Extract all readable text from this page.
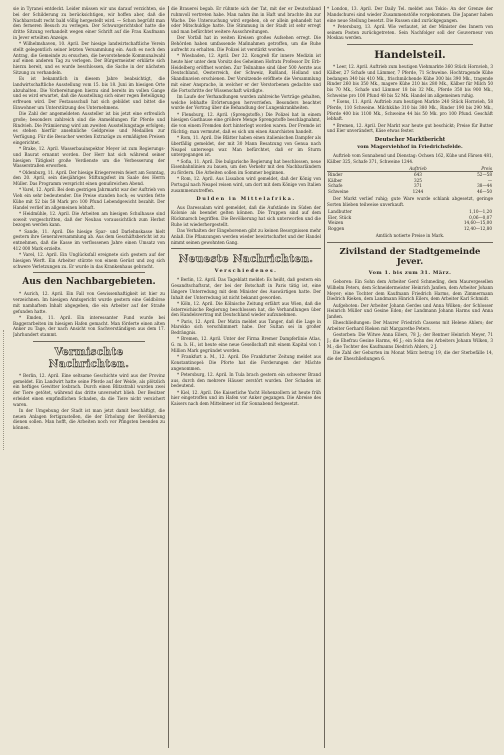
sie in Tyranei entdeckt. Leider müssen wir uns darauf verzichten, sie bei der Schilderung zu berücksichtigen, wir hoffen aber, daß die Nachbarstadt recht bald völlig hergestellt wird. — Schon begrüßt man den ferneren Besuch zu verlegen. Der Schwurgerichtshof hatte die dritte Sitzung verhandelt wegen einer Schrift auf die Frau Kaufmann in Jever erteilten Anzeige.

* Wilhelmshaven, 10. April. Der hiesige landwirtschaftliche Verein stellt gelegentlich seiner letzten Versammlung ein. Auch es noch den Antrag, die Gemeinde zu ersuchen, die bevorstehende Kommunalwahl auf einen anderen Tag zu verlegen. Der Bürgermeister erklärte sich hierzu bereit, und es wurde beschlossen, die Sache in der nächsten Sitzung zu verhandeln.

Es ist bekanntlich in diesem Jahre beabsichtigt, die landwirtschaftliche Ausstellung vom 15. bis 18. Juni im hiesigen Orte abzuhalten. Die Vorbereitungen hierzu sind bereits im vollen Gange und es wird erwartet, daß die Ausstellung sich einer regen Beteiligung erfreuen wird. Der Festausschuß hat sich gebildet und bittet die Einwohner um Unterstützung des Unternehmens.

Die Zahl der angemeldeten Aussteller ist bis jetzt eine erfreulich große; besonders zahlreich sind die Anmeldungen für Pferde und Rindvieh. Die Prämiierung wird am zweiten Ausstellungstage erfolgen; es stehen hierfür ansehnliche Geldpreise und Medaillen zur Verfügung. Für die Besucher werden Extrazüge zu ermäßigten Preisen eingerichtet.

* Brake, 12. April. Wasserbauinspektor Meyer ist zum Regierungs- und Baurat ernannt worden. Der Herr hat sich während seiner hiesigen Tätigkeit große Verdienste um die Verbesserung der Wasserstraßen erworben.

* Oldenburg, 11. April. Der hiesige Kriegerverein feiert am Sonntag, den 20. April, sein diesjähriges Stiftungsfest im Saale des Herrn Müller. Das Programm verspricht einen genußreichen Abend.

* Varel, 12. April. Bei dem gestrigen Jahrmarkt war der Auftrieb von Vieh ein sehr bedeutender. Die Preise standen hoch; es wurden fette Kühe mit 52 bis 58 Mark pro 100 Pfund Lebendgewicht bezahlt. Der Handel verlief im allgemeinen lebhaft.

* Heidmühle, 12. April. Die Arbeiten am hiesigen Schulhause sind soweit vorgeschritten, daß der Neubau voraussichtlich zum Herbst bezogen werden kann.

* Sande, 11. April. Die hiesige Spar- und Darlehnskasse hielt gestern ihre Generalversammlung ab. Aus dem Geschäftsbericht ist zu entnehmen, daß die Kasse im verflossenen Jahre einen Umsatz von 412 000 Mark erzielte.

* Varel, 12. April. Ein Unglücksfall ereignete sich gestern auf der hiesigen Werft. Ein Arbeiter stürzte von einem Gerüst und zog sich schwere Verletzungen zu. Er wurde in das Krankenhaus gebracht.

Aus den Nachbargebieten.

* Aurich, 12. April. Ein Fall von Gewissenhaftigkeit ist hier zu verzeichnen. Im hiesigen Amtsgericht wurde gestern eine Geldbörse mit namhaftem Inhalt abgegeben, die ein Arbeiter auf der Straße gefunden hatte.

* Emden, 11. April. Ein interessanter Fund wurde bei Baggerarbeiten im hiesigen Hafen gemacht. Man förderte einen alten Anker zu Tage, der nach Ansicht von Sachverständigen aus dem 17. Jahrhundert stammt.

Vermischte Nachrichten.

* Berlin, 12. April. Eine seltsame Geschichte wird aus der Provinz gemeldet. Ein Landwirt hatte seine Pferde auf der Weide, als plötzlich ein heftiges Gewitter losbrach. Durch einen Blitzstrahl wurden zwei der Tiere getötet, während das dritte unversehrt blieb. Der Besitzer erleidet einen empfindlichen Schaden, da die Tiere nicht versichert waren.

In der Umgebung der Stadt ist man jetzt damit beschäftigt, die neuen Anlagen fertigzustellen, die der Erholung der Bevölkerung dienen sollen. Man hofft, die Arbeiten noch vor Pfingsten beenden zu können.

die Brauerei begab. Er rühmte sich der Tat, mit der er Deutschland ruhmvoll vertreten habe. Man nahm ihn in Haft und brachte ihn zur Wache. Die Untersuchung wird ergeben, ob er allein gehandelt hat oder Mitschuldige hatte. Die Stimmung in der Stadt ist sehr erregt und man befürchtet weitere Ausschreitungen.

Der Vorfall hat in weiten Kreisen großes Aufsehen erregt. Die Behörden haben umfassende Maßnahmen getroffen, um die Ruhe aufrecht zu erhalten. Die Polizei ist verstärkt worden.

* Wiesbaden, 12. April. Der 22. Kongreß für innere Medizin ist heute hier unter dem Vorsitz des Geheimen Hofrats Professor Dr. Erb-Heidelberg eröffnet worden. Zur Teilnahme sind über 500 Aerzte aus Deutschland, Oesterreich, der Schweiz, Rußland, Holland und Skandinavien erschienen. Der Vorsitzende eröffnete die Versammlung mit einer Ansprache, in welcher er der Verstorbenen gedachte und die Fortschritte der Wissenschaft würdigte.

Im Laufe der Verhandlungen wurden zahlreiche Vorträge gehalten, welche lebhafte Erörterungen hervorriefen. Besonders beachtet wurde der Vortrag über die Behandlung der Lungenkrankheiten.

* Flensburg, 12. April. (Sprengstoffe.) Die Polizei hat in einem hiesigen Gasthause eine größere Menge Sprengstoffe beschlagnahmt, die von einem Fremden dort hinterlegt worden waren. Der Fremde ist flüchtig; man vermutet, daß es sich um einen Anarchisten handelt.

* Rom, 11. April. Die Blätter haben einen italienischen Dampfer als überfällig gemeldet, der mit 30 Mann Besatzung von Genua nach Neapel unterwegs war. Man befürchtet, daß er im Sturm untergegangen ist.

* Sofia, 11. April. Die bulgarische Regierung hat beschlossen, neue Eisenbahnlinien zu bauen, um den Verkehr mit den Nachbarländern zu fördern. Die Arbeiten sollen im Sommer beginnen.

* Rom, 12. April. Aus Lissabon wird gemeldet, daß der König von Portugal nach Neapel reisen wird, um dort mit dem Könige von Italien zusammenzutreffen.

Dulden in Mittelafrika.

Aus Daressalam wird gemeldet, daß die Aufstände im Süden der Kolonie als beendet gelten können. Die Truppen sind auf dem Rückmarsch begriffen. Die Bevölkerung hat sich unterworfen und die Ruhe ist wiederhergestellt.

Das Verhalten der Eingeborenen gibt zu keinen Besorgnissen mehr Anlaß. Die Pflanzungen werden wieder bewirtschaftet und der Handel nimmt seinen gewohnten Gang.

Neueste Nachrichten.
Verschiedenes.

* Berlin, 12. April. Das Tageblatt meldet: Es heißt, daß gestern ein Gesandtschaftsrat, der bei der Botschaft in Paris tätig ist, eine längere Unterredung mit dem Minister des Auswärtigen hatte. Der Inhalt der Unterredung ist nicht bekannt geworden.

* Köln, 12. April. Die Kölnische Zeitung erfährt aus Wien, daß die österreichische Regierung beschlossen hat, die Verhandlungen über den Handelsvertrag mit Deutschland wieder aufzunehmen.

* Paris, 12. April. Der Matin meldet aus Tanger, daß die Lage in Marokko sich verschlimmert habe. Der Sultan sei in großer Bedrängnis.

* Bremen, 12. April. Unter der Firma Bremer Dampferlinie Atlas, G. m. b. H., ist heute eine neue Gesellschaft mit einem Kapital von 1 Million Mark gegründet worden.

* Frankfurt a. M., 12. April. Die Frankfurter Zeitung meldet aus Konstantinopel: Die Pforte hat die Forderungen der Mächte angenommen.

* Petersburg, 12. April. In Tula brach gestern ein schwerer Brand aus, durch den mehrere Häuser zerstört wurden. Der Schaden ist bedeutend.

* Kiel, 12. April. Die Kaiserliche Yacht Hohenzollern ist heute früh hier eingetroffen und im Hafen vor Anker gegangen. Die Abreise des Kaisers nach dem Mittelmeer ist für Sonnabend festgesetzt.

* London, 13. April. Der Daily Tel. meldet aus Tokio: An der Grenze der Mandschurei sind wieder Zusammenstöße vorgekommen. Die Japaner haben eine neue Stellung besetzt. Die Russen sind zurückgegangen.

* Petersburg, 13. April. Wie verlautet, ist der Minister des Innern von seinem Posten zurückgetreten. Sein Nachfolger soll der Gouverneur von Moskau werden.

Handelsteil.

* Leer, 12. April. Auftrieb zum heutigen Viehmarkte 360 Stück Hornvieh, 3 Kälber, 27 Schafe und Lämmer, 7 Pferde, 71 Schweine. Hochtragende Kühe bedangen 340 bis 410 Mk., frischmilchende Kühe 300 bis 390 Mk., tragende Rinder 260 bis 350 Mk., magere Kühe 210 bis 280 Mk., Kälber für Milch 50 bis 70 Mk., Schafe und Lämmer 18 bis 32 Mk., Pferde 350 bis 900 Mk., Schweine pro 100 Pfund 48 bis 52 Mk. Handel im allgemeinen ruhig.

* Esens, 11. April. Auftrieb zum heutigen Markte 240 Stück Hornvieh, 58 Pferde, 110 Schweine. Milchkühe 310 bis 380 Mk., Rinder 190 bis 290 Mk., Pferde 400 bis 1100 Mk., Schweine 44 bis 50 Mk. pro 100 Pfund. Geschäft lebhaft.

* Bremen, 12. April. Der Markt war heute gut beschickt; Preise für Butter und Eier unverändert, Käse etwas fester.

Deutscher Marktbericht
vom Magerviehhof in Friedrichsfelde.

Auftrieb vom Sonnabend und Dienstag: Ochsen 162, Kühe und Färsen 481, Kälber 325, Schafe 371, Schweine 1244.

	Auftrieb	Preis
Rinder	643	52—58
Kälber	325	—
Schafe	371	38—44
Schweine	1244	46—50

Der Markt verlief ruhig; gute Ware wurde schlank abgesetzt, geringe Sorten blieben teilweise unverkauft.

Landbutter	1,10—1,20
Eier, Stück	0,06—0,07
Weizen	14,60—15,00
Roggen	12,40—12,80

Amtlich notierte Preise in Mark.

Zivilstand der Stadtgemeinde Jever.
Vom 1. bis zum 31. März.

Geboren: Ein Sohn dem Arbeiter Gerd Schmeding, dem Maurergesellen Wilhelm Peters, dem Schneidermeister Heinrich Janßen, dem Arbeiter Johann Meyer; eine Tochter dem Kaufmann Friedrich Harms, dem Zimmermann Diedrich Rieken, dem Landmann Hinrich Eilers, dem Arbeiter Karl Schmidt.

Aufgeboten: Der Arbeiter Johann Gerdes und Anna Wilken; der Schlosser Heinrich Müller und Gesine Eden; der Landmann Johann Harms und Anna Janßen.

Eheschließungen: Der Maurer Friedrich Cassens mit Helene Ahlers; der Arbeiter Gerhard Rieken mit Margarethe Peters.

Gestorben: Die Witwe Anna Eilers, 78 J.; der Rentner Heinrich Meyer, 71 J.; die Ehefrau Gesine Harms, 46 J.; ein Sohn des Arbeiters Johann Wilken, 3 M.; die Tochter des Kaufmanns Diedrich Ahlers, 2 J.

Die Zahl der Geburten im Monat März betrug 19, die der Sterbefälle 14, die der Eheschließungen 6.
